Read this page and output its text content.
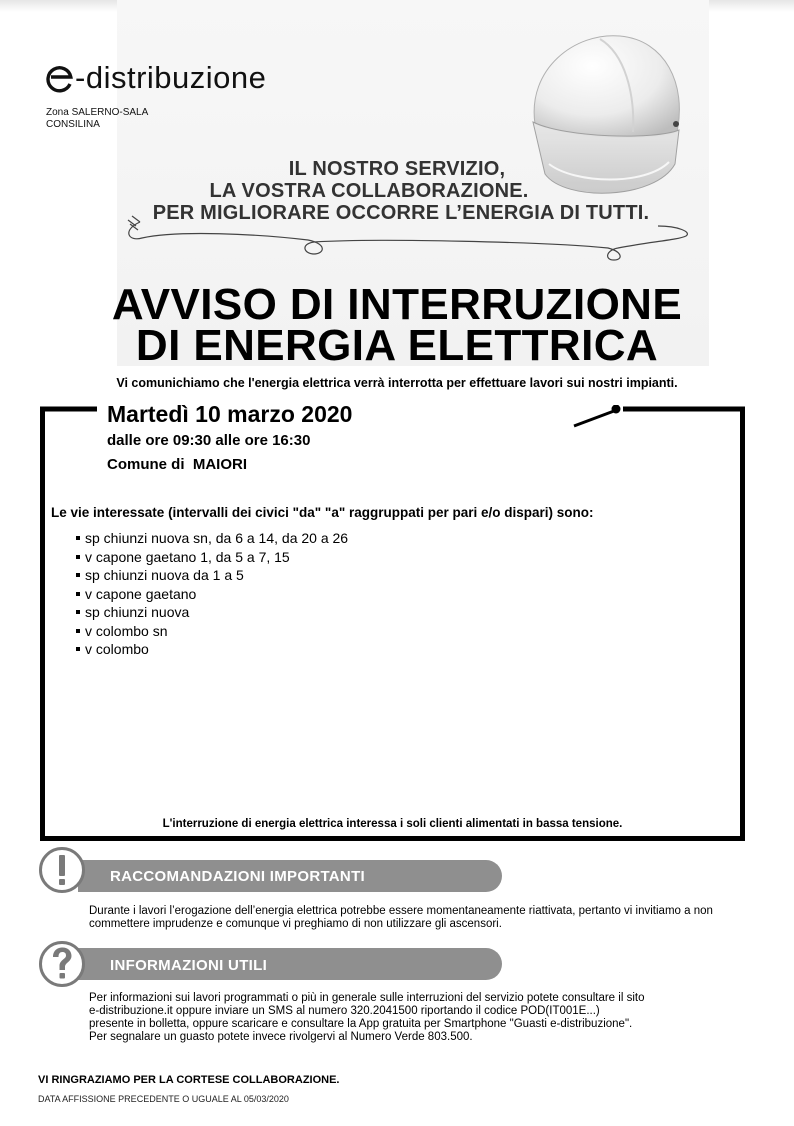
-distribuzione
Zona SALERNO-SALA CONSILINA
IL NOSTRO SERVIZIO,
LA VOSTRA COLLABORAZIONE.
PER MIGLIORARE OCCORRE L’ENERGIA DI TUTTI.
AVVISO DI INTERRUZIONE
DI ENERGIA ELETTRICA
Vi comunichiamo che l'energia elettrica verrà interrotta per effettuare lavori sui nostri impianti.
Martedì 10 marzo 2020
dalle ore 09:30 alle ore 16:30
Comune di  MAIORI
Le vie interessate (intervalli dei civici "da" "a" raggruppati per pari e/o dispari) sono:
sp chiunzi nuova sn, da 6 a 14, da 20 a 26
v capone gaetano 1, da 5 a 7, 15
sp chiunzi nuova da 1 a 5
v capone gaetano
sp chiunzi nuova
v colombo sn
v colombo
L'interruzione di energia elettrica interessa i soli clienti alimentati in bassa tensione.
RACCOMANDAZIONI IMPORTANTI
Durante i lavori l’erogazione dell’energia elettrica potrebbe essere momentaneamente riattivata, pertanto vi invitiamo a non commettere imprudenze e comunque vi preghiamo di non utilizzare gli ascensori.
INFORMAZIONI UTILI
Per informazioni sui lavori programmati o più in generale sulle interruzioni del servizio potete consultare il sito
e-distribuzione.it oppure inviare un SMS al numero 320.2041500 riportando il codice POD(IT001E...)
presente in bolletta, oppure scaricare e consultare la App gratuita per Smartphone "Guasti e-distribuzione".
Per segnalare un guasto potete invece rivolgervi al Numero Verde 803.500.
VI RINGRAZIAMO PER LA CORTESE COLLABORAZIONE.
DATA AFFISSIONE PRECEDENTE O UGUALE AL 05/03/2020
